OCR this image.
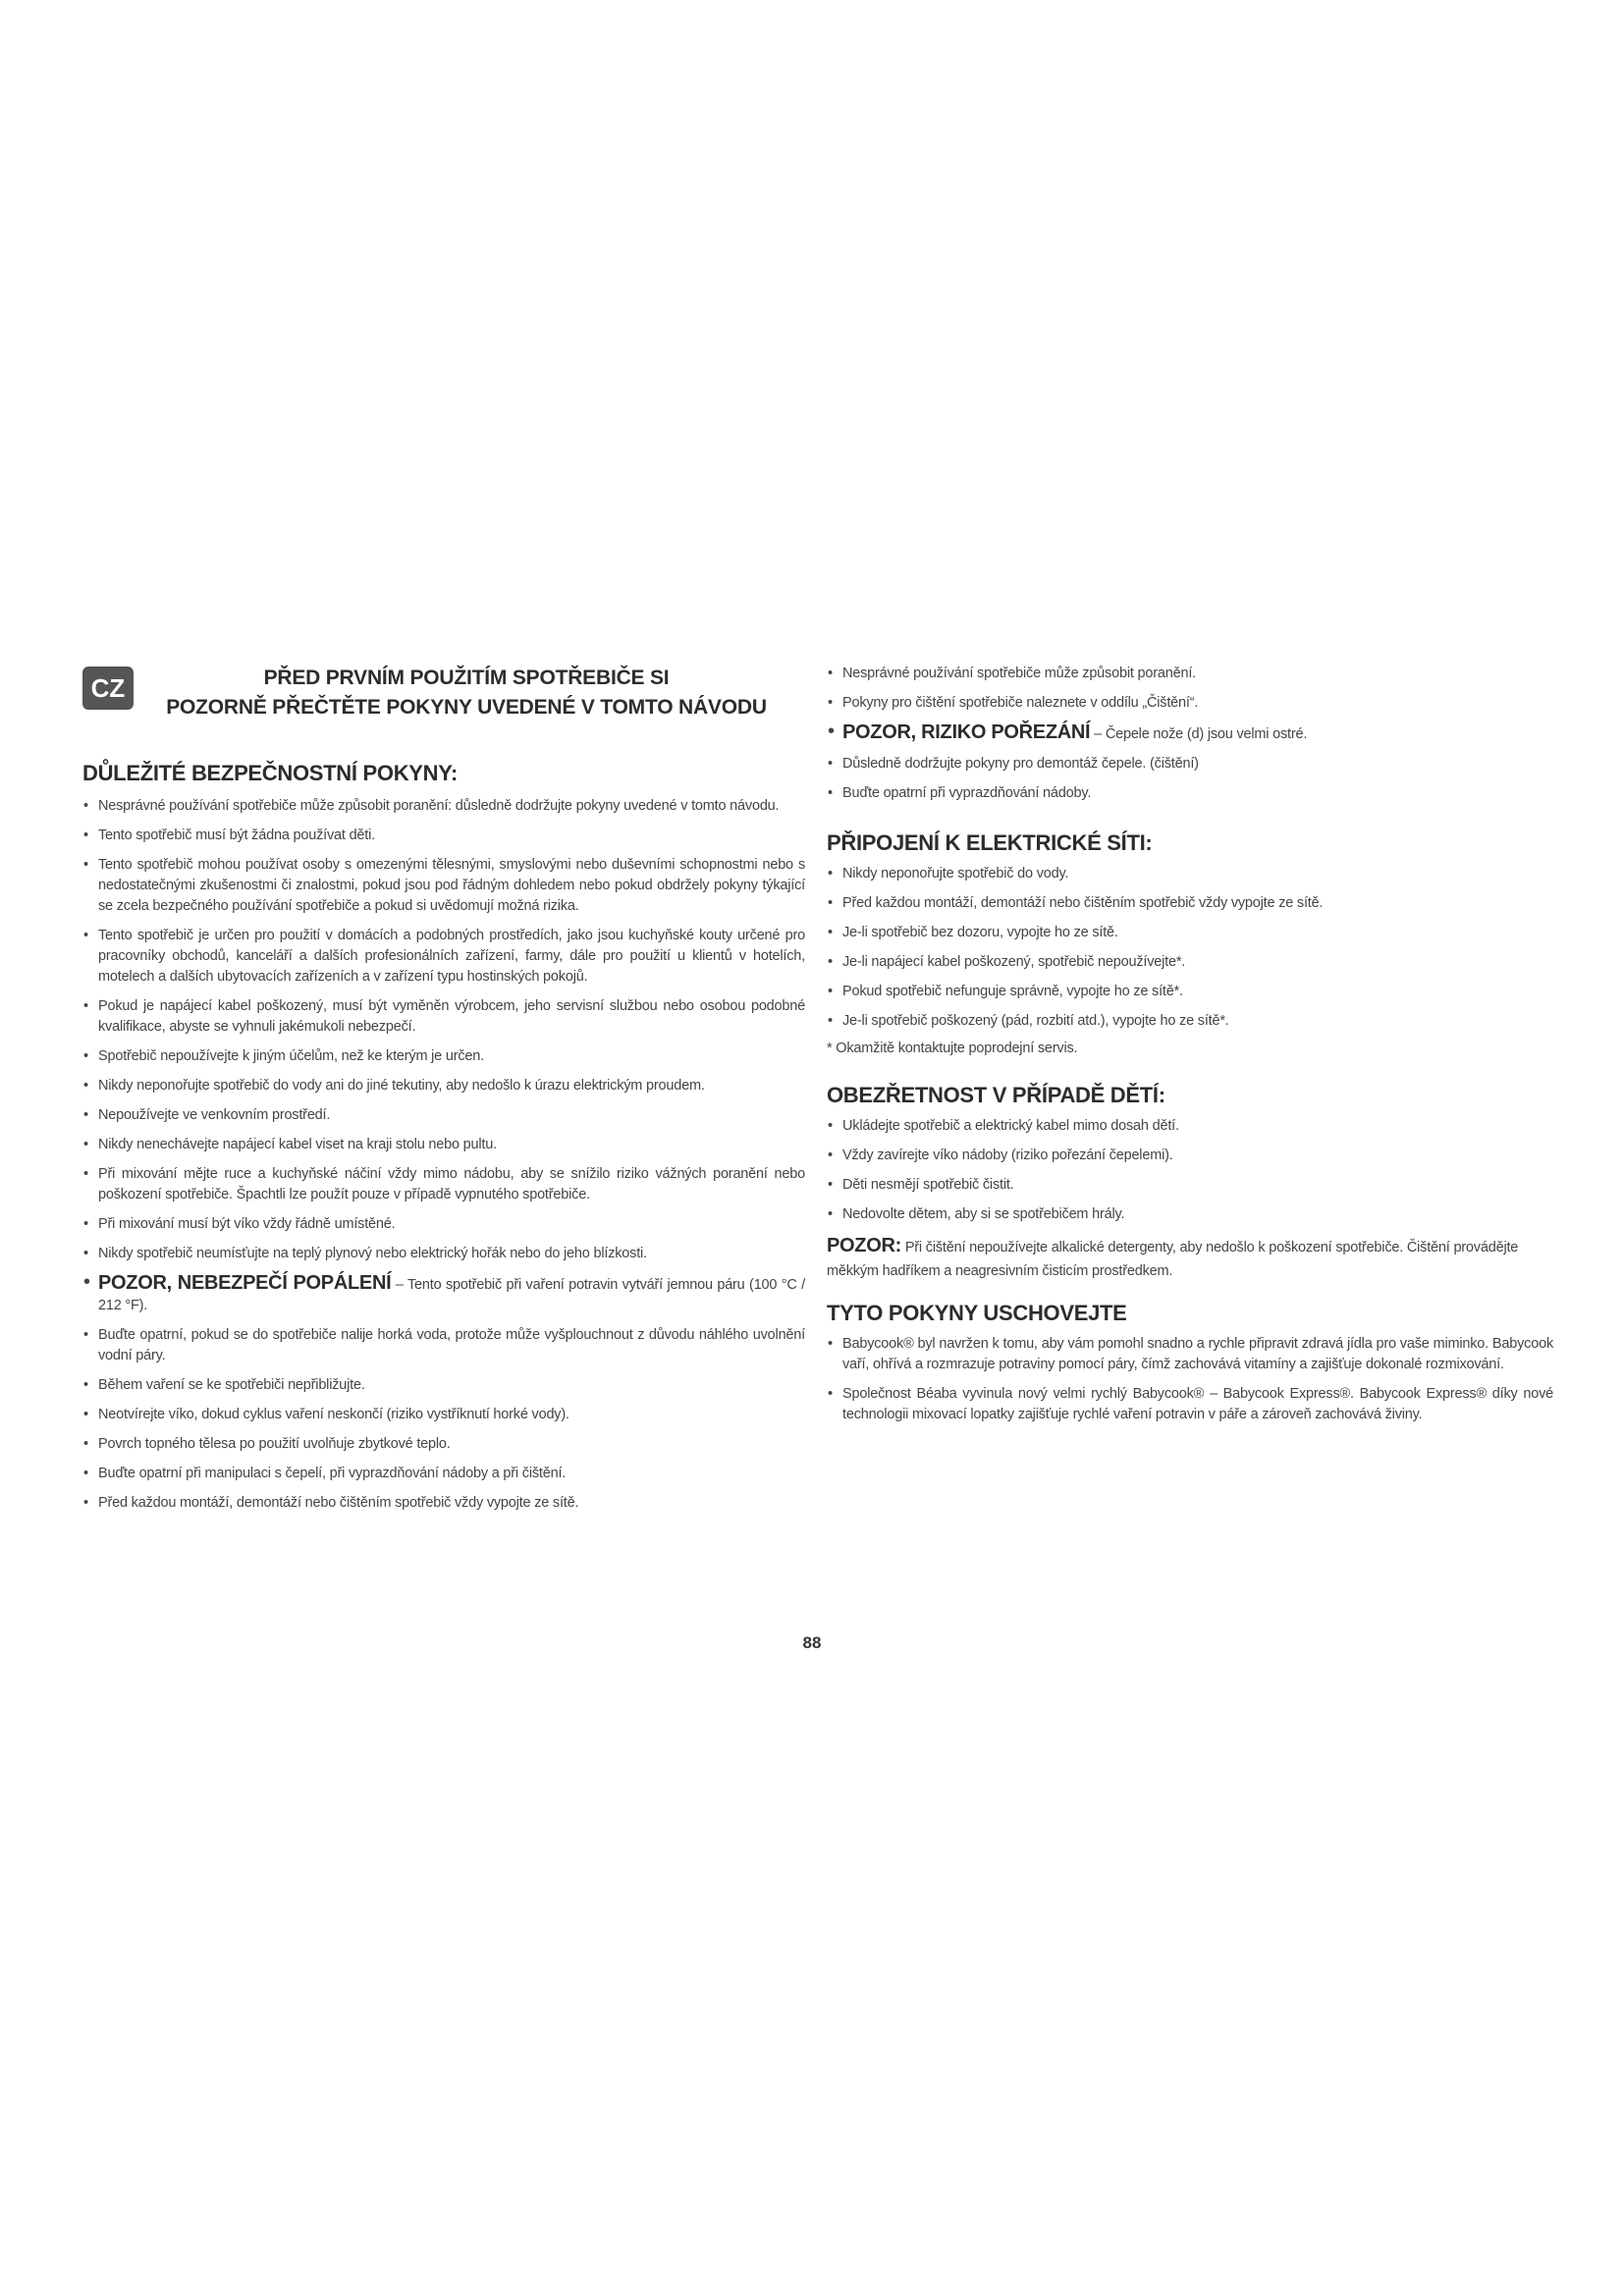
CZ	PŘED PRVNÍM POUŽITÍM SPOTŘEBIČE SI
POZORNĚ PŘEČTĚTE POKYNY UVEDENÉ V TOMTO NÁVODU
DŮLEŽITÉ BEZPEČNOSTNÍ POKYNY:
• Nesprávné používání spotřebiče může způsobit poranění: důsledně dodržujte pokyny uvedené v tomto návodu.
• Tento spotřebič musí být žádna používat děti.
• Tento spotřebič mohou používat osoby s omezenými tělesnými, smyslovými nebo duševními schopnostmi nebo s nedostatečnými zkušenostmi či znalostmi, pokud jsou pod řádným dohledem nebo pokud obdržely pokyny týkající se zcela bezpečného používání spotřebiče a pokud si uvědomují možná rizika.
• Tento spotřebič je určen pro použití v domácích a podobných prostředích, jako jsou kuchyňské kouty určené pro pracovníky obchodů, kanceláří a dalších profesionálních zařízení, farmy, dále pro použití u klientů v hotelích, motelech a dalších ubytovacích zařízeních a v zařízení typu hostinských pokojů.
• Pokud je napájecí kabel poškozený, musí být vyměněn výrobcem, jeho servisní službou nebo osobou podobné kvalifikace, abyste se vyhnuli jakémukoli nebezpečí.
• Spotřebič nepoužívejte k jiným účelům, než ke kterým je určen.
• Nikdy neponořujte spotřebič do vody ani do jiné tekutiny, aby nedošlo k úrazu elektrickým proudem.
• Nepoužívejte ve venkovním prostředí.
• Nikdy nenechávejte napájecí kabel viset na kraji stolu nebo pultu.
• Při mixování mějte ruce a kuchyňské náčiní vždy mimo nádobu, aby se snížilo riziko vážných poranění nebo poškození spotřebiče. Špachtli lze použít pouze v případě vypnutého spotřebiče.
• Při mixování musí být víko vždy řádně umístěné.
• Nikdy spotřebič neumísťujte na teplý plynový nebo elektrický hořák nebo do jeho blízkosti.
• POZOR, NEBEZPEČÍ POPÁLENÍ – Tento spotřebič při vaření potravin vytváří jemnou páru (100 °C / 212 °F).
• Buďte opatrní, pokud se do spotřebiče nalije horká voda, protože může vyšplouchnout z důvodu náhlého uvolnění vodní páry.
• Během vaření se ke spotřebiči nepřibližujte.
• Neotvírejte víko, dokud cyklus vaření neskončí (riziko vystříknutí horké vody).
• Povrch topného tělesa po použití uvolňuje zbytkové teplo.
• Buďte opatrní při manipulaci s čepelí, při vyprazdňování nádoby a při čištění.
• Před každou montáží, demontáží nebo čištěním spotřebič vždy vypojte ze sítě.
• Nesprávné používání spotřebiče může způsobit poranění.
• Pokyny pro čištění spotřebiče naleznete v oddílu „Čištění“.
• POZOR, RIZIKO POŘEZÁNÍ – Čepele nože (d) jsou velmi ostré.
• Důsledně dodržujte pokyny pro demontáž čepele. (čištění)
• Buďte opatrní při vyprazdňování nádoby.
PŘIPOJENÍ K ELEKTRICKÉ SÍTI:
• Nikdy neponořujte spotřebič do vody.
• Před každou montáží, demontáží nebo čištěním spotřebič vždy vypojte ze sítě.
• Je-li spotřebič bez dozoru, vypojte ho ze sítě.
• Je-li napájecí kabel poškozený, spotřebič nepoužívejte*.
• Pokud spotřebič nefunguje správně, vypojte ho ze sítě*.
• Je-li spotřebič poškozený (pád, rozbití atd.), vypojte ho ze sítě*.

* Okamžitě kontaktujte poprodejní servis.

OBEZŘETNOST V PŘÍPADĚ DĚTÍ:
• Ukládejte spotřebič a elektrický kabel mimo dosah dětí.
• Vždy zavírejte víko nádoby (riziko pořezání čepelemi).
• Děti nesmějí spotřebič čistit.
• Nedovolte dětem, aby si se spotřebičem hrály.

POZOR: Při čištění nepoužívejte alkalické detergenty, aby nedošlo k poškození spotřebiče. Čištění provádějte měkkým hadříkem a neagresivním čisticím prostředkem.

TYTO POKYNY USCHOVEJTE
• Babycook® byl navržen k tomu, aby vám pomohl snadno a rychle připravit zdravá jídla pro vaše miminko. Babycook vaří, ohřívá a rozmrazuje potraviny pomocí páry, čímž zachovává vitamíny a zajišťuje dokonalé rozmixování.
• Společnost Béaba vyvinula nový velmi rychlý Babycook® – Babycook Express®. Babycook Express® díky nové technologii mixovací lopatky zajišťuje rychlé vaření potravin v páře a zároveň zachovává živiny.
88
